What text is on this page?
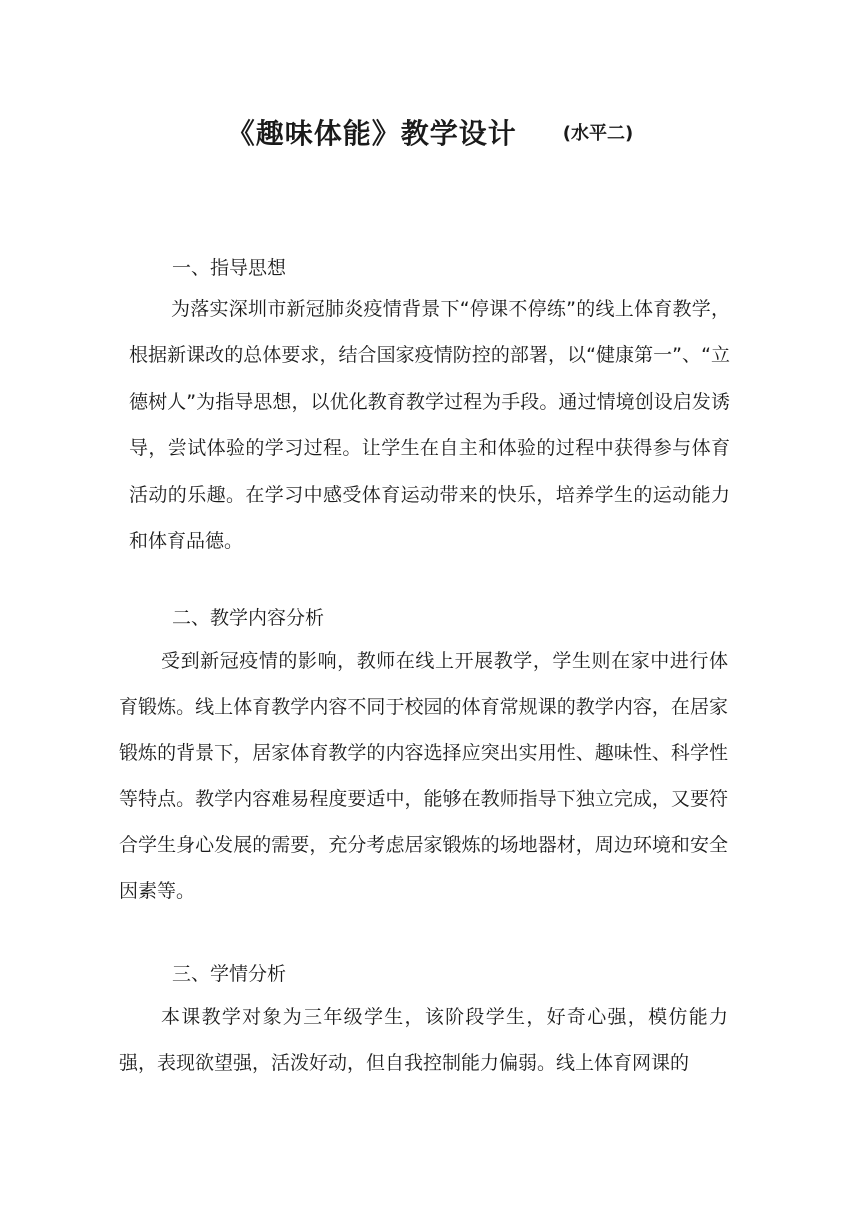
《趣味体能》教学设计	(水平二)
一、指导思想

为落实深圳市新冠肺炎疫情背景下“停课不停练”的线上体育教学，根据新课改的总体要求，结合国家疫情防控的部署，以“健康第一”、“立德树人”为指导思想，以优化教育教学过程为手段。通过情境创设启发诱导，尝试体验的学习过程。让学生在自主和体验的过程中获得参与体育活动的乐趣。在学习中感受体育运动带来的快乐，培养学生的运动能力和体育品德。

二、教学内容分析

受到新冠疫情的影响，教师在线上开展教学，学生则在家中进行体育锻炼。线上体育教学内容不同于校园的体育常规课的教学内容，在居家锻炼的背景下，居家体育教学的内容选择应突出实用性、趣味性、科学性等特点。教学内容难易程度要适中，能够在教师指导下独立完成，又要符合学生身心发展的需要，充分考虑居家锻炼的场地器材，周边环境和安全因素等。

三、学情分析

本课教学对象为三年级学生，该阶段学生，好奇心强，模仿能力强，表现欲望强，活泼好动，但自我控制能力偏弱。线上体育网课的
